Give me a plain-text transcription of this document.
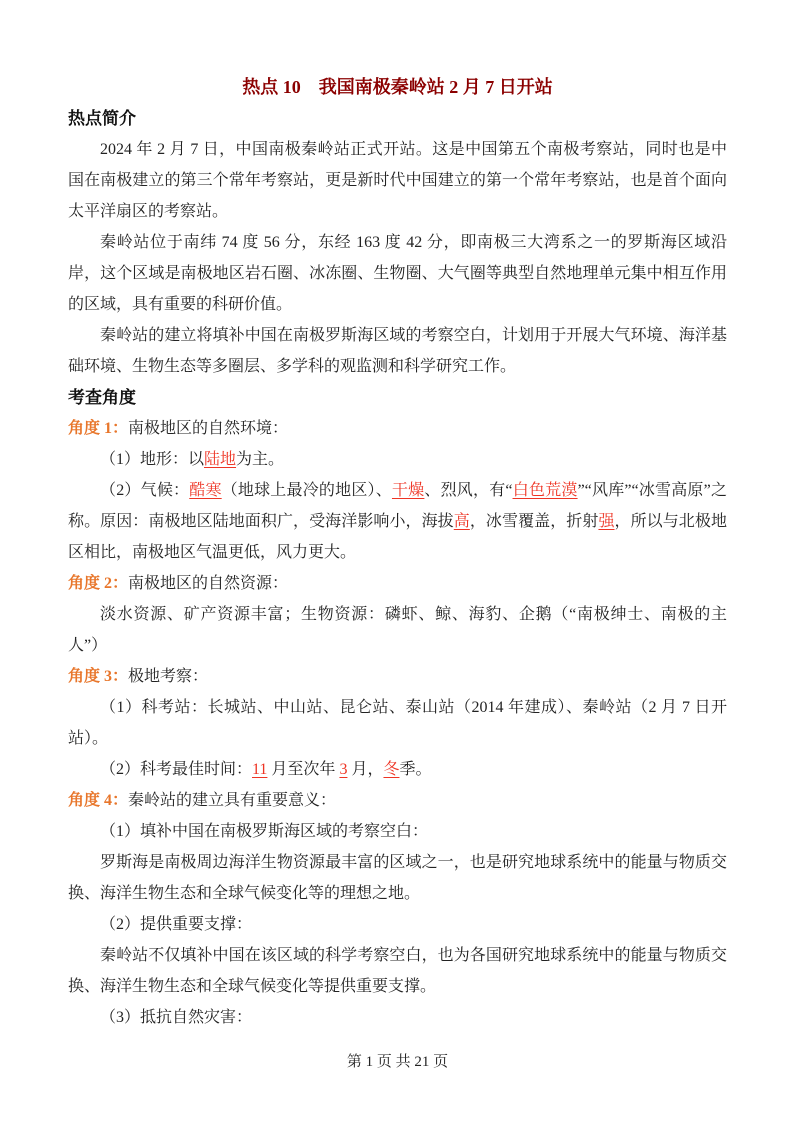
热点 10　我国南极秦岭站 2 月 7 日开站

热点简介

2024 年 2 月 7 日，中国南极秦岭站正式开站。这是中国第五个南极考察站，同时也是中国在南极建立的第三个常年考察站，更是新时代中国建立的第一个常年考察站，也是首个面向太平洋扇区的考察站。

秦岭站位于南纬 74 度 56 分，东经 163 度 42 分，即南极三大湾系之一的罗斯海区域沿岸，这个区域是南极地区岩石圈、冰冻圈、生物圈、大气圈等典型自然地理单元集中相互作用的区域，具有重要的科研价值。

秦岭站的建立将填补中国在南极罗斯海区域的考察空白，计划用于开展大气环境、海洋基础环境、生物生态等多圈层、多学科的观监测和科学研究工作。

考查角度

角度 1：南极地区的自然环境：

（1）地形：以陆地为主。

（2）气候：酷寒（地球上最冷的地区）、干燥、烈风，有“白色荒漠”“风库”“冰雪高原”之称。原因：南极地区陆地面积广，受海洋影响小，海拔高，冰雪覆盖，折射强，所以与北极地区相比，南极地区气温更低，风力更大。

角度 2：南极地区的自然资源：

淡水资源、矿产资源丰富；生物资源：磷虾、鲸、海豹、企鹅（“南极绅士、南极的主人”）

角度 3：极地考察：

（1）科考站：长城站、中山站、昆仑站、泰山站（2014 年建成）、秦岭站（2 月 7 日开站）。

（2）科考最佳时间：11 月至次年 3 月，冬季。

角度 4：秦岭站的建立具有重要意义：

（1）填补中国在南极罗斯海区域的考察空白：

罗斯海是南极周边海洋生物资源最丰富的区域之一，也是研究地球系统中的能量与物质交换、海洋生物生态和全球气候变化等的理想之地。

（2）提供重要支撑：

秦岭站不仅填补中国在该区域的科学考察空白，也为各国研究地球系统中的能量与物质交换、海洋生物生态和全球气候变化等提供重要支撑。

（3）抵抗自然灾害：

第 1 页 共 21 页
